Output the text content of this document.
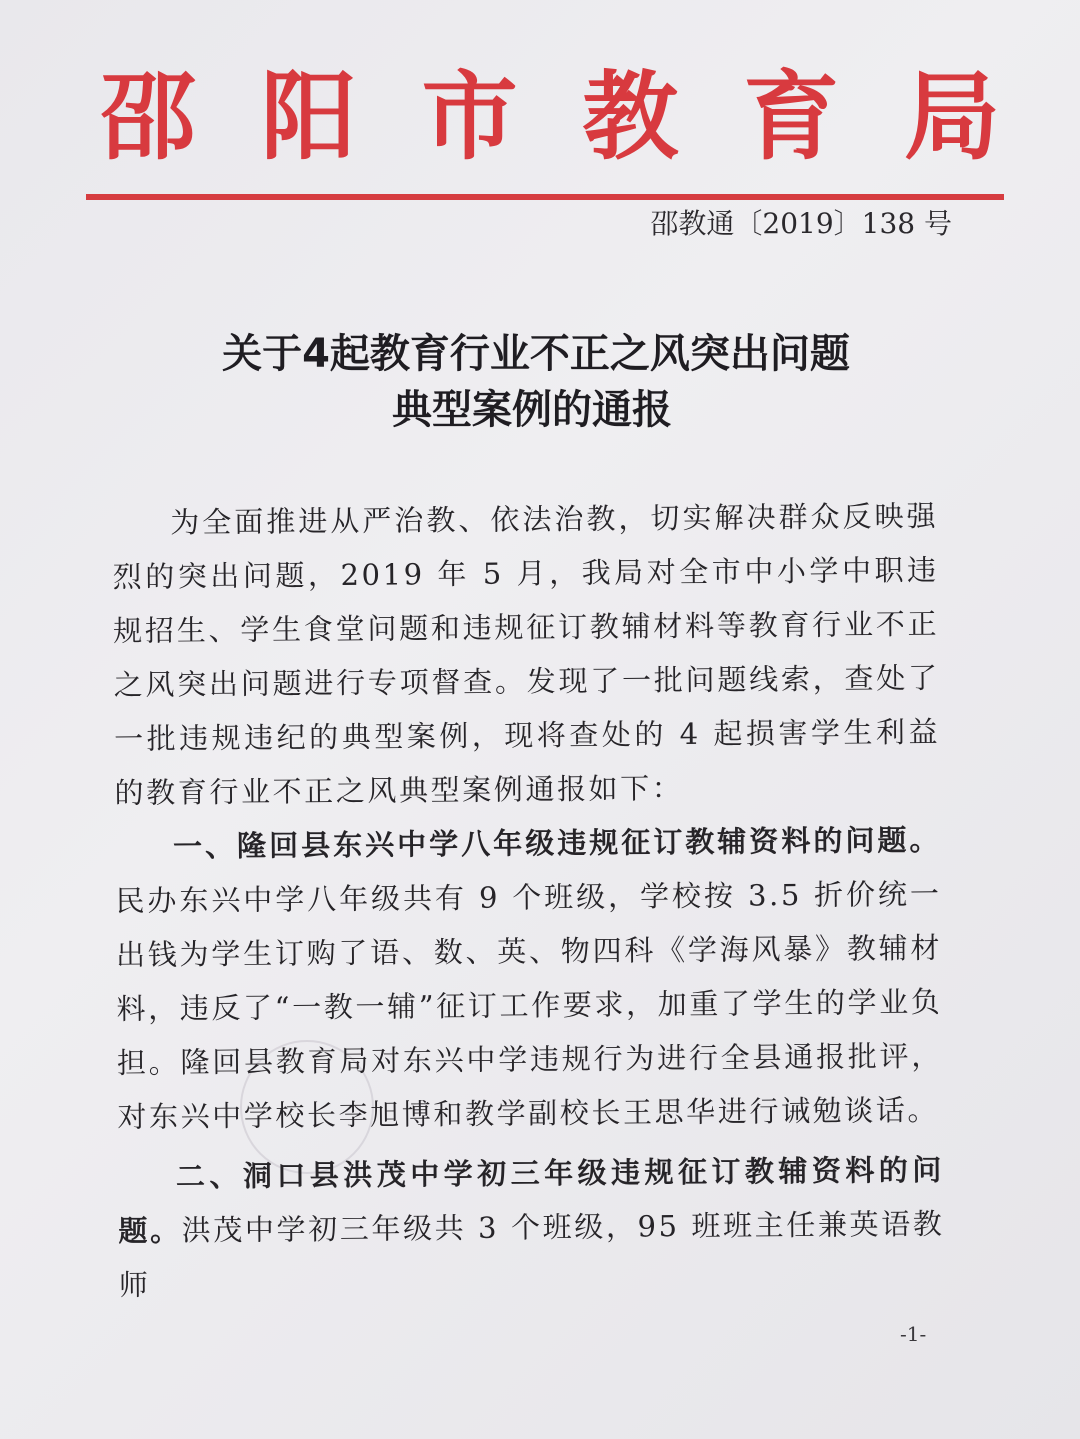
邵 阳 市 教 育 局
邵教通〔2019〕138 号
关于4起教育行业不正之风突出问题
典型案例的通报

为全面推进从严治教、依法治教，切实解决群众反映强烈的突出问题，2019 年 5 月，我局对全市中小学中职违规招生、学生食堂问题和违规征订教辅材料等教育行业不正之风突出问题进行专项督查。发现了一批问题线索，查处了一批违规违纪的典型案例，现将查处的 4 起损害学生利益的教育行业不正之风典型案例通报如下：

一、隆回县东兴中学八年级违规征订教辅资料的问题。民办东兴中学八年级共有 9 个班级，学校按 3.5 折价统一出钱为学生订购了语、数、英、物四科《学海风暴》教辅材料，违反了“一教一辅”征订工作要求，加重了学生的学业负担。隆回县教育局对东兴中学违规行为进行全县通报批评，对东兴中学校长李旭博和教学副校长王思华进行诫勉谈话。

二、洞口县洪茂中学初三年级违规征订教辅资料的问题。洪茂中学初三年级共 3 个班级，95 班班主任兼英语教师

-1-
